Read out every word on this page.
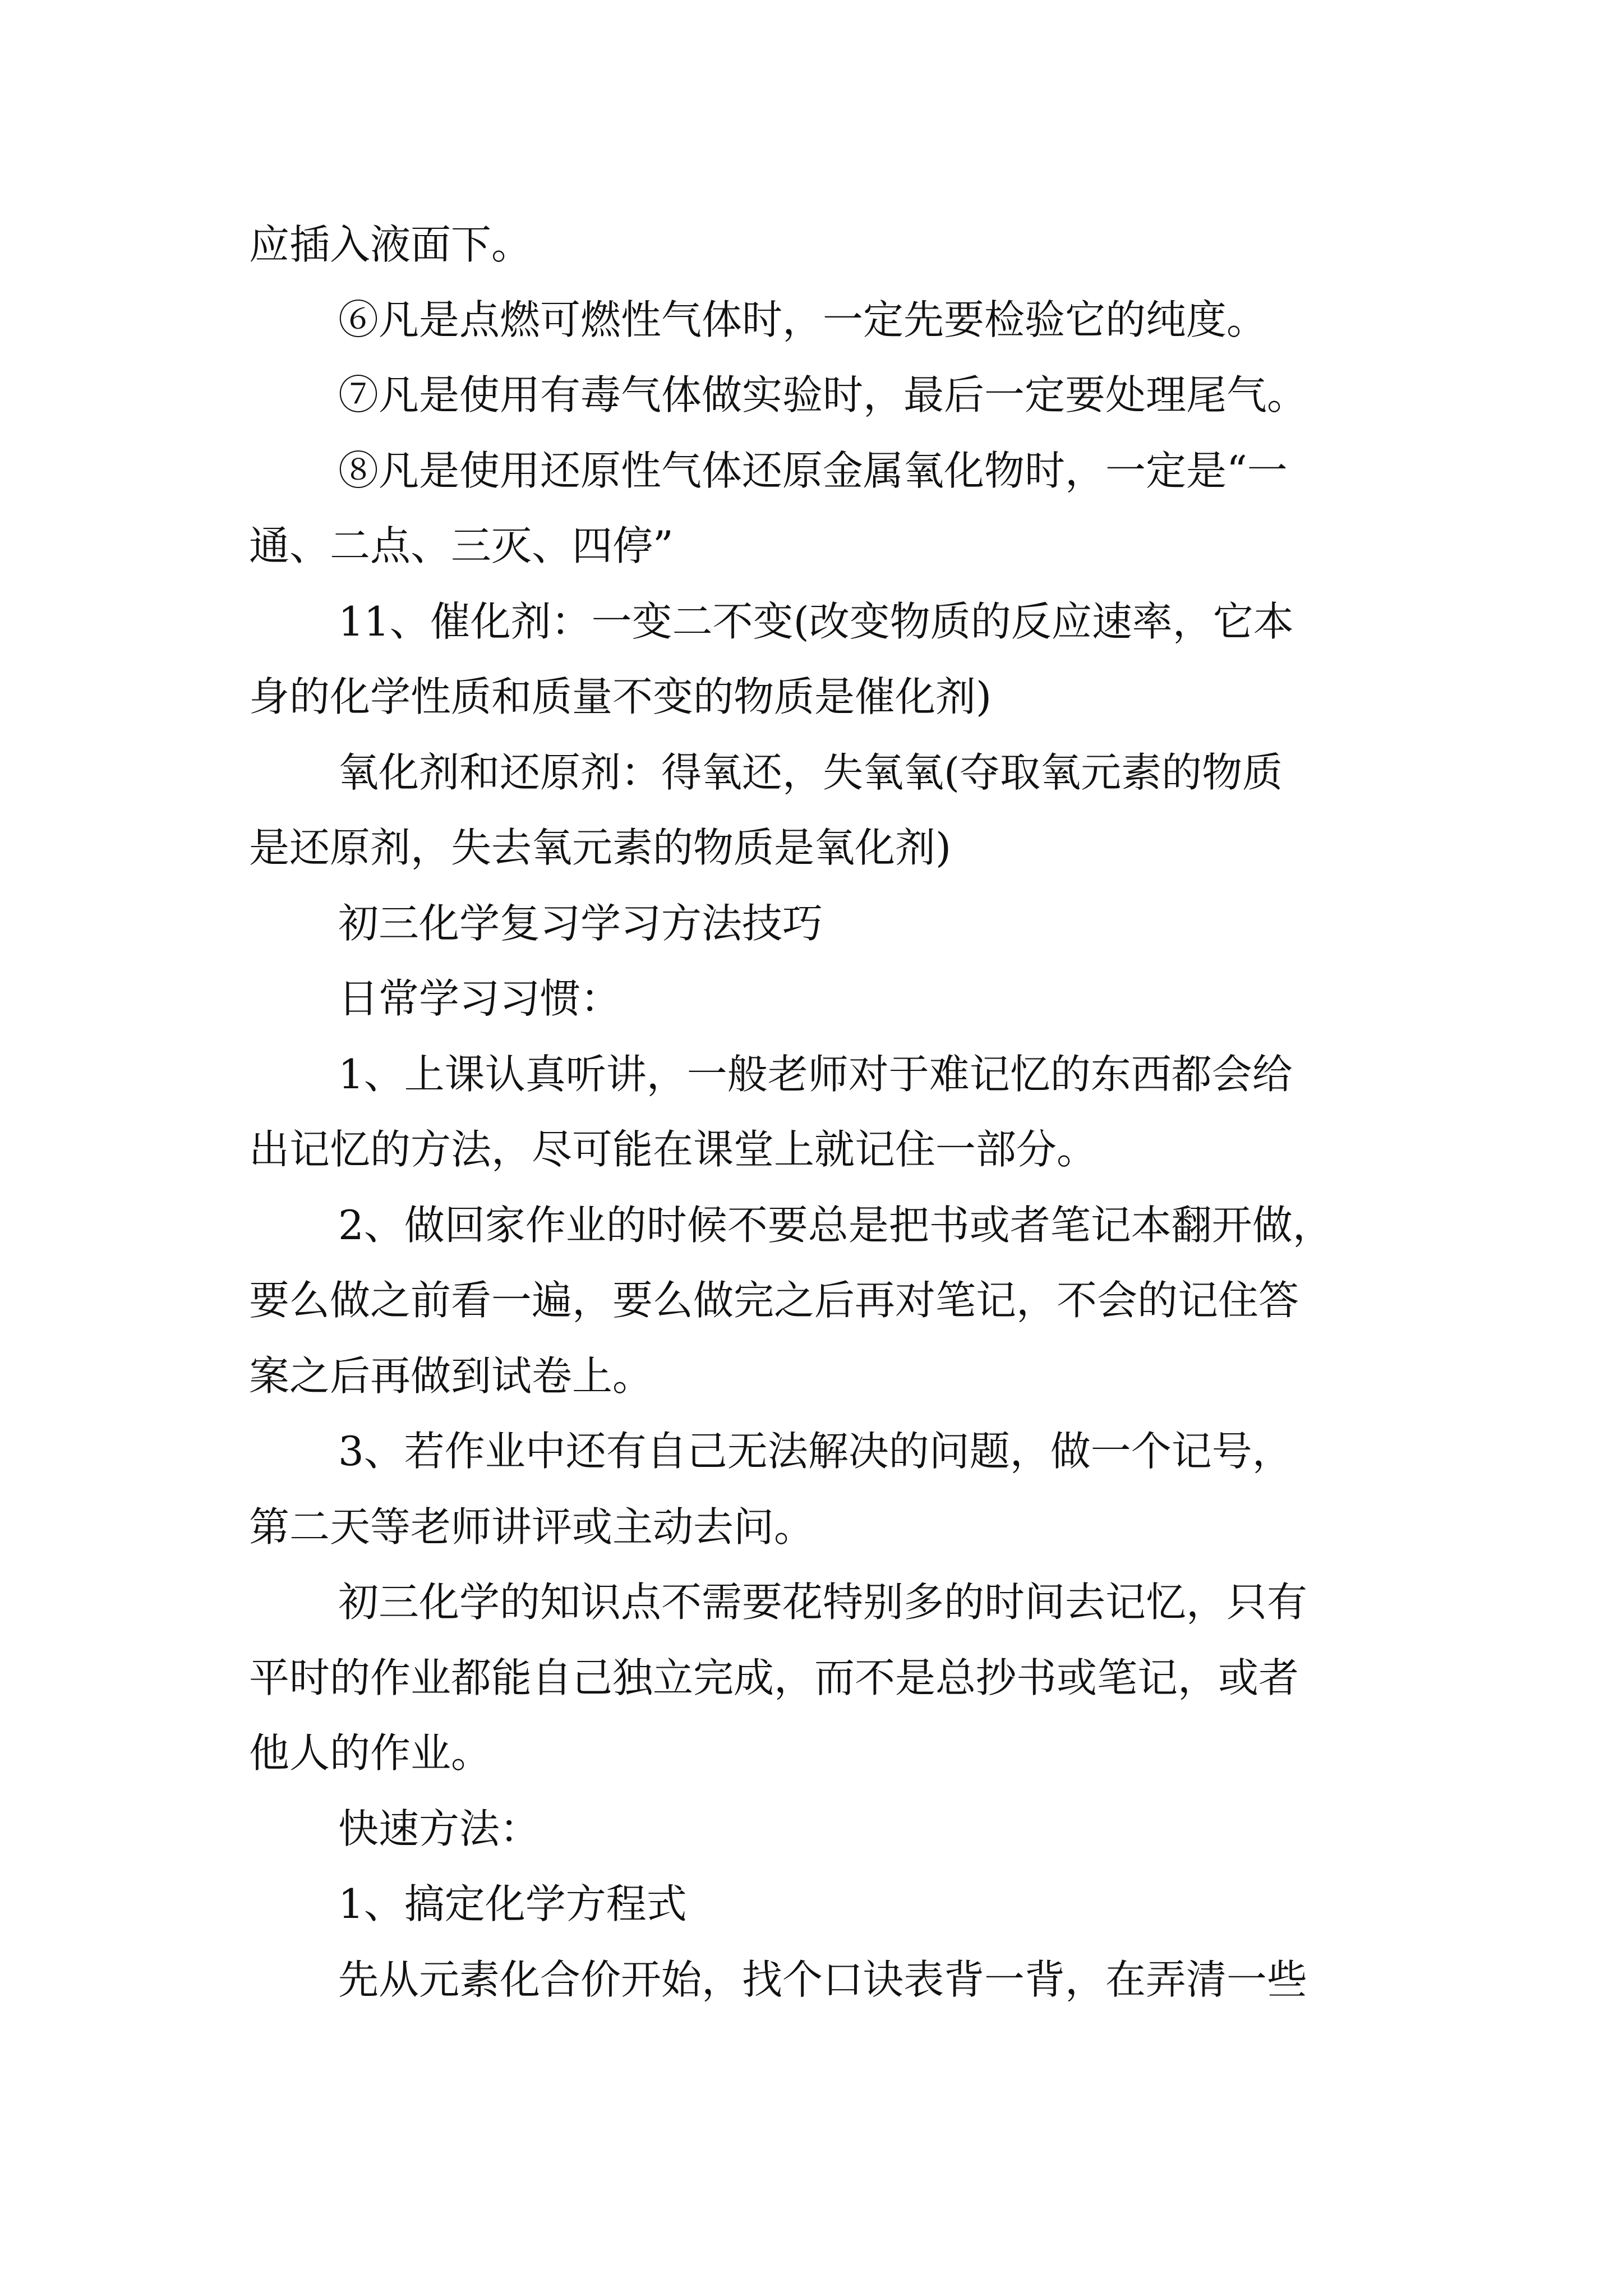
应插入液面下。

⑥凡是点燃可燃性气体时，一定先要检验它的纯度。

⑦凡是使用有毒气体做实验时，最后一定要处理尾气。

⑧凡是使用还原性气体还原金属氧化物时，一定是“一

通、二点、三灭、四停”

11、催化剂：一变二不变(改变物质的反应速率，它本

身的化学性质和质量不变的物质是催化剂)

氧化剂和还原剂：得氧还，失氧氧(夺取氧元素的物质

是还原剂，失去氧元素的物质是氧化剂)

初三化学复习学习方法技巧

日常学习习惯：

1、上课认真听讲，一般老师对于难记忆的东西都会给

出记忆的方法，尽可能在课堂上就记住一部分。

2、做回家作业的时候不要总是把书或者笔记本翻开做，

要么做之前看一遍，要么做完之后再对笔记，不会的记住答

案之后再做到试卷上。

3、若作业中还有自己无法解决的问题，做一个记号，

第二天等老师讲评或主动去问。

初三化学的知识点不需要花特别多的时间去记忆，只有

平时的作业都能自己独立完成，而不是总抄书或笔记，或者

他人的作业。

快速方法：

1、搞定化学方程式

先从元素化合价开始，找个口诀表背一背，在弄清一些
